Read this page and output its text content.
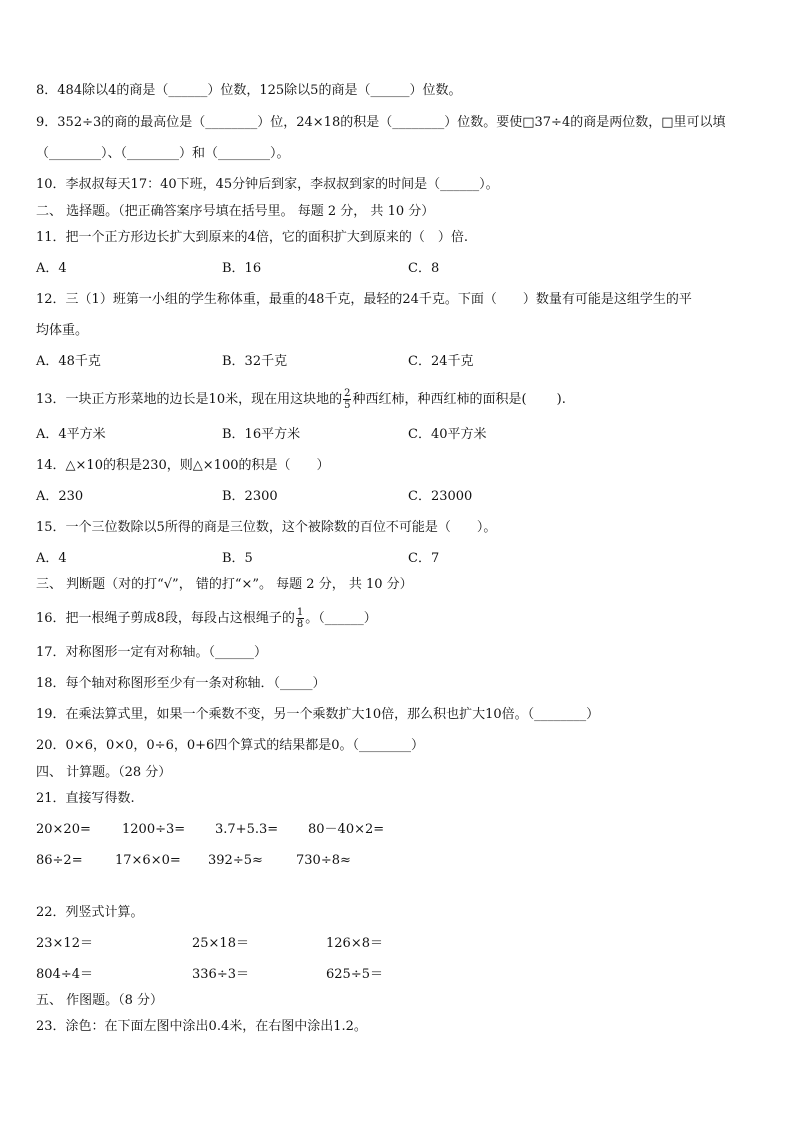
8．484除以4的商是（______）位数，125除以5的商是（______）位数。
9．352÷3的商的最高位是（________）位，24×18的积是（________）位数。要使□37÷4的商是两位数，□里可以填
（________）、（________）和（________）。
10．李叔叔每天17：40下班，45分钟后到家，李叔叔到家的时间是（______）。
二、 选择题。（把正确答案序号填在括号里。 每题 2 分， 共 10 分）
11．把一个正方形边长扩大到原来的4倍，它的面积扩大到原来的（　）倍.
A．4	B．16	C．8
12．三（1）班第一小组的学生称体重，最重的48千克，最轻的24千克。下面（　　）数量有可能是这组学生的平
均体重。
A．48千克	B．32千克	C．24千克
13．一块正方形菜地的边长是10米，现在用这块地的 $\frac{2}{5}$ 种西红柿，种西红柿的面积是(　　 ).
A．4平方米	B．16平方米	C．40平方米
14．△×10的积是230，则△×100的积是（　　）
A．230	B．2300	C．23000
15．一个三位数除以5所得的商是三位数，这个被除数的百位不可能是（　　）。
A．4	B．5	C．7
三、 判断题（对的打“√”， 错的打“×”。 每题 2 分， 共 10 分）
16．把一根绳子剪成8段，每段占这根绳子的 $\frac{1}{8}$ 。（______）
17．对称图形一定有对称轴。（______）
18．每个轴对称图形至少有一条对称轴．（_____）
19．在乘法算式里，如果一个乘数不变，另一个乘数扩大10倍，那么积也扩大10倍。（________）
20．0×6，0×0，0÷6，0+6四个算式的结果都是0。（________）
四、 计算题。（28 分）
21．直接写得数.
20×20= 1200÷3= 3.7+5.3= 80－40×2=
86÷2= 17×6×0= 392÷5≈	730÷8≈
22．列竖式计算。
23×12＝	25×18＝	126×8＝
804÷4＝	336÷3＝	625÷5＝
五、 作图题。（8 分）
23．涂色：在下面左图中涂出0.4米，在右图中涂出1.2。
